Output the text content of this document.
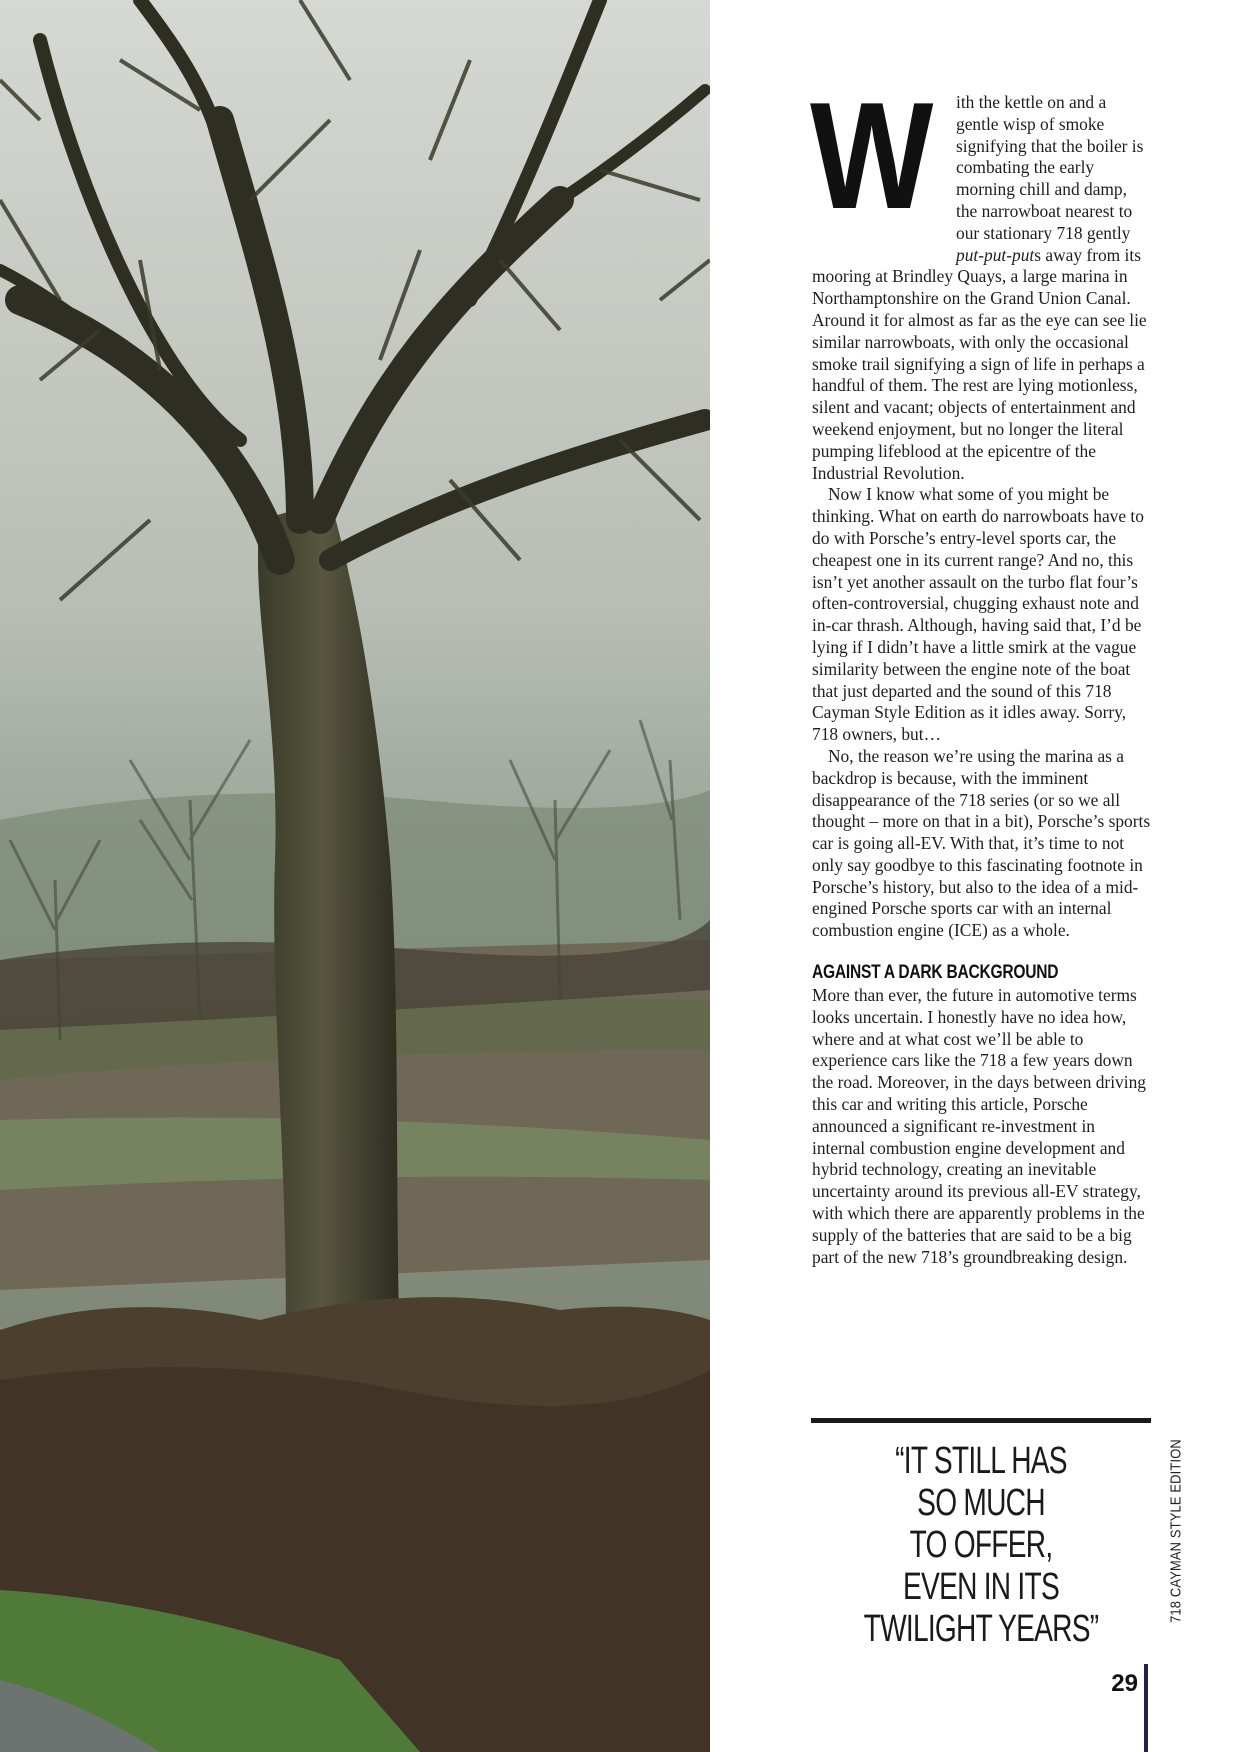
W	ith the kettle on and a gentle wisp of smoke signifying that the boiler is combating the early morning chill and damp, the narrowboat nearest to our stationary 718 gently put-put-puts away from its mooring at Brindley Quays, a large marina in Northamptonshire on the Grand Union Canal. Around it for almost as far as the eye can see lie similar narrowboats, with only the occasional smoke trail signifying a sign of life in perhaps a handful of them. The rest are lying motionless, silent and vacant; objects of entertainment and weekend enjoyment, but no longer the literal pumping lifeblood at the epicentre of the Industrial Revolution.

Now I know what some of you might be thinking. What on earth do narrowboats have to do with Porsche’s entry-level sports car, the cheapest one in its current range? And no, this isn’t yet another assault on the turbo flat four’s often-controversial, chugging exhaust note and in-car thrash. Although, having said that, I’d be lying if I didn’t have a little smirk at the vague similarity between the engine note of the boat that just departed and the sound of this 718 Cayman Style Edition as it idles away. Sorry, 718 owners, but…

No, the reason we’re using the marina as a backdrop is because, with the imminent disappearance of the 718 series (or so we all thought – more on that in a bit), Porsche’s sports car is going all-EV. With that, it’s time to not only say goodbye to this fascinating footnote in Porsche’s history, but also to the idea of a mid-engined Porsche sports car with an internal combustion engine (ICE) as a whole.

AGAINST A DARK BACKGROUND

More than ever, the future in automotive terms looks uncertain. I honestly have no idea how, where and at what cost we’ll be able to experience cars like the 718 a few years down the road. Moreover, in the days between driving this car and writing this article, Porsche announced a significant re-investment in internal combustion engine development and hybrid technology, creating an inevitable uncertainty around its previous all-EV strategy, with which there are apparently problems in the supply of the batteries that are said to be a big part of the new 718’s groundbreaking design.

“IT STILL HAS
SO MUCH
TO OFFER,
EVEN IN ITS
TWILIGHT YEARS”
718 CAYMAN STYLE EDITION
29
